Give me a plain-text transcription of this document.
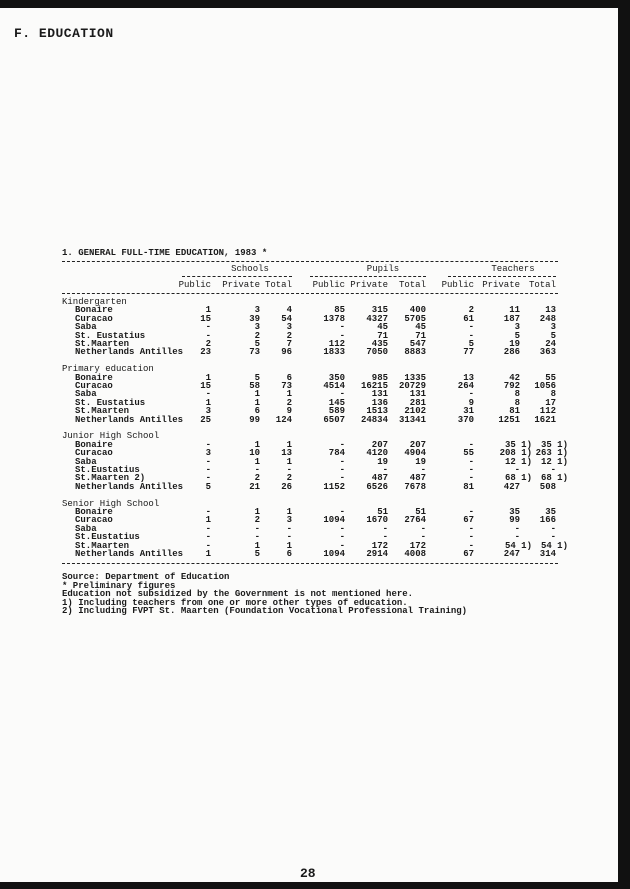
F. EDUCATION
1. GENERAL FULL-TIME EDUCATION, 1983 *
Schools	Pupils	Teachers
Public Private Total Public Private Total Public Private Total
Kindergarten
Bonaire	1	3	4	85	315 400	2	11	13
Curacao	15	39 54	1378 4327 5705	61	187 248
Saba	-	3	3	-	45	45	-	3	3
St. Eustatius	-	2	2	-	71	71	-	5	5
St.Maarten	2	5	7	112	435 547	5	19	24
Netherlands Antilles 23	73 96	1833 7050 8883	77	286 363
Primary education
Bonaire	1	5	6	350	985 1335	13	42	55
Curacao	15	58 73	4514 16215 20729	264	792 1056
Saba	-	1	1	-	131 131	-	8	8
St. Eustatius	1	1	2	145	136 281	9	8	17
St.Maarten	3	6	9	589 1513 2102	31	81 112
Netherlands Antilles 25	99 124	6507 24834 31341	370	1251 1621
Junior High School
Bonaire	-	1	1	-	207 207	-	35 1) 35 1)
Curacao	3	10 13	784 4120 4904	55	208 1) 263 1)
Saba	-	1	1	-	19	19	-	12 1) 12 1)
St.Eustatius	-	-	-	-	-	-	-	-	-
St.Maarten 2)	-	2	2	-	487 487	-	68 1) 68 1)
Netherlands Antilles	5	21 26	1152 6526 7678	81	427 508
Senior High School
Bonaire	-	1	1	-	51	51	-	35	35
Curacao	1	2	3	1094 1670 2764	67	99 166
Saba	-	-	-	-	-	-	-	-	-
St.Eustatius	-	-	-	-	-	-	-	-	-
St.Maarten	-	1	1	-	172 172	-	54 1) 54 1)
Netherlands Antilles	1	5	6	1094 2914 4008	67	247 314
Source: Department of Education
* Preliminary figures
Education not subsidized by the Government is not mentioned here.
1) Including teachers from one or more other types of education.
2) Including FVPT St. Maarten (Foundation Vocational Professional Training)
28
